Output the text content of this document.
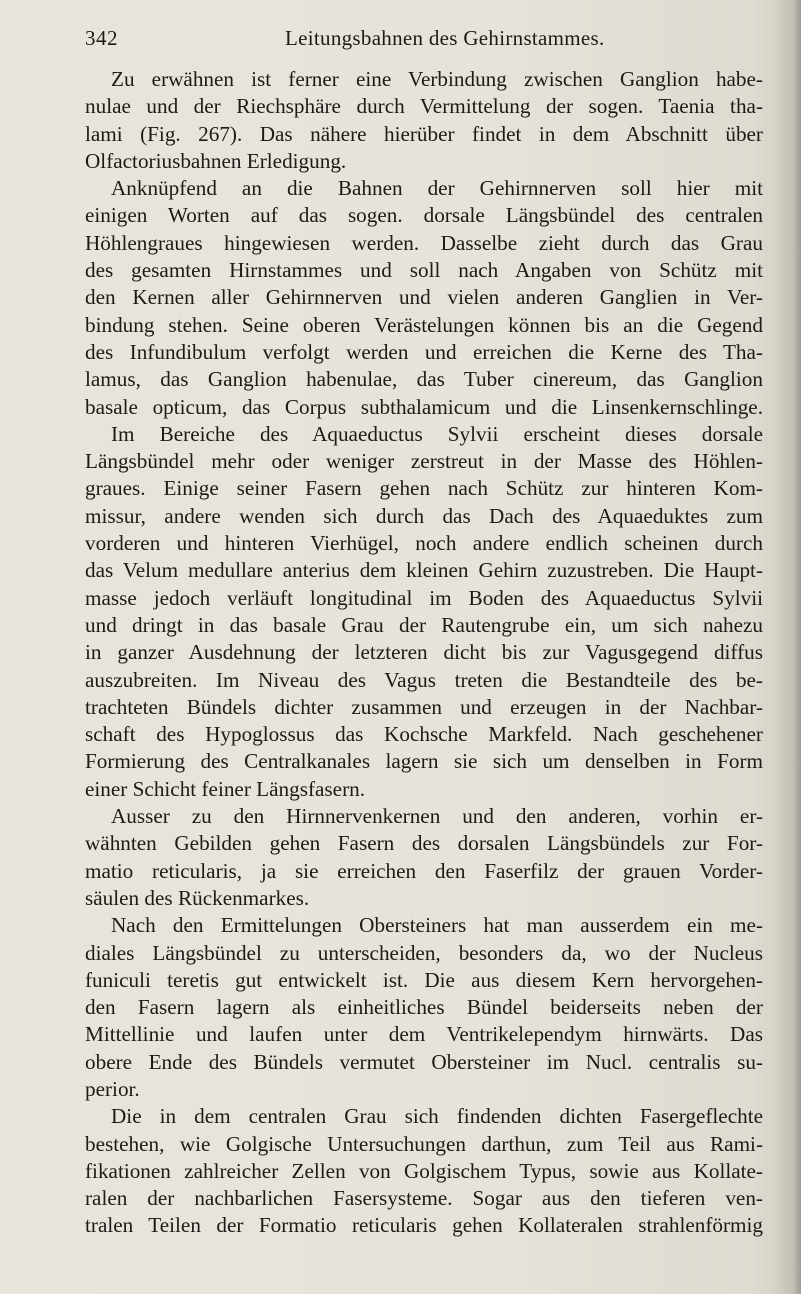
342	Leitungsbahnen des Gehirnstammes.
Zu erwähnen ist ferner eine Verbindung zwischen Ganglion habe-
nulae und der Riechsphäre durch Vermittelung der sogen. Taenia tha-
lami (Fig. 267). Das nähere hierüber findet in dem Abschnitt über
Olfactoriusbahnen Erledigung.
Anknüpfend an die Bahnen der Gehirnnerven soll hier mit
einigen Worten auf das sogen. dorsale Längsbündel des centralen
Höhlengraues hingewiesen werden. Dasselbe zieht durch das Grau
des gesamten Hirnstammes und soll nach Angaben von Schütz mit
den Kernen aller Gehirnnerven und vielen anderen Ganglien in Ver-
bindung stehen. Seine oberen Verästelungen können bis an die Gegend
des Infundibulum verfolgt werden und erreichen die Kerne des Tha-
lamus, das Ganglion habenulae, das Tuber cinereum, das Ganglion
basale opticum, das Corpus subthalamicum und die Linsenkernschlinge.
Im Bereiche des Aquaeductus Sylvii erscheint dieses dorsale
Längsbündel mehr oder weniger zerstreut in der Masse des Höhlen-
graues. Einige seiner Fasern gehen nach Schütz zur hinteren Kom-
missur, andere wenden sich durch das Dach des Aquaeduktes zum
vorderen und hinteren Vierhügel, noch andere endlich scheinen durch
das Velum medullare anterius dem kleinen Gehirn zuzustreben. Die Haupt-
masse jedoch verläuft longitudinal im Boden des Aquaeductus Sylvii
und dringt in das basale Grau der Rautengrube ein, um sich nahezu
in ganzer Ausdehnung der letzteren dicht bis zur Vagusgegend diffus
auszubreiten. Im Niveau des Vagus treten die Bestandteile des be-
trachteten Bündels dichter zusammen und erzeugen in der Nachbar-
schaft des Hypoglossus das Kochsche Markfeld. Nach geschehener
Formierung des Centralkanales lagern sie sich um denselben in Form
einer Schicht feiner Längsfasern.
Ausser zu den Hirnnervenkernen und den anderen, vorhin er-
wähnten Gebilden gehen Fasern des dorsalen Längsbündels zur For-
matio reticularis, ja sie erreichen den Faserfilz der grauen Vorder-
säulen des Rückenmarkes.
Nach den Ermittelungen Obersteiners hat man ausserdem ein me-
diales Längsbündel zu unterscheiden, besonders da, wo der Nucleus
funiculi teretis gut entwickelt ist. Die aus diesem Kern hervorgehen-
den Fasern lagern als einheitliches Bündel beiderseits neben der
Mittellinie und laufen unter dem Ventrikelependym hirnwärts. Das
obere Ende des Bündels vermutet Obersteiner im Nucl. centralis su-
perior.
Die in dem centralen Grau sich findenden dichten Fasergeflechte
bestehen, wie Golgische Untersuchungen darthun, zum Teil aus Rami-
fikationen zahlreicher Zellen von Golgischem Typus, sowie aus Kollate-
ralen der nachbarlichen Fasersysteme. Sogar aus den tieferen ven-
tralen Teilen der Formatio reticularis gehen Kollateralen strahlenförmig
